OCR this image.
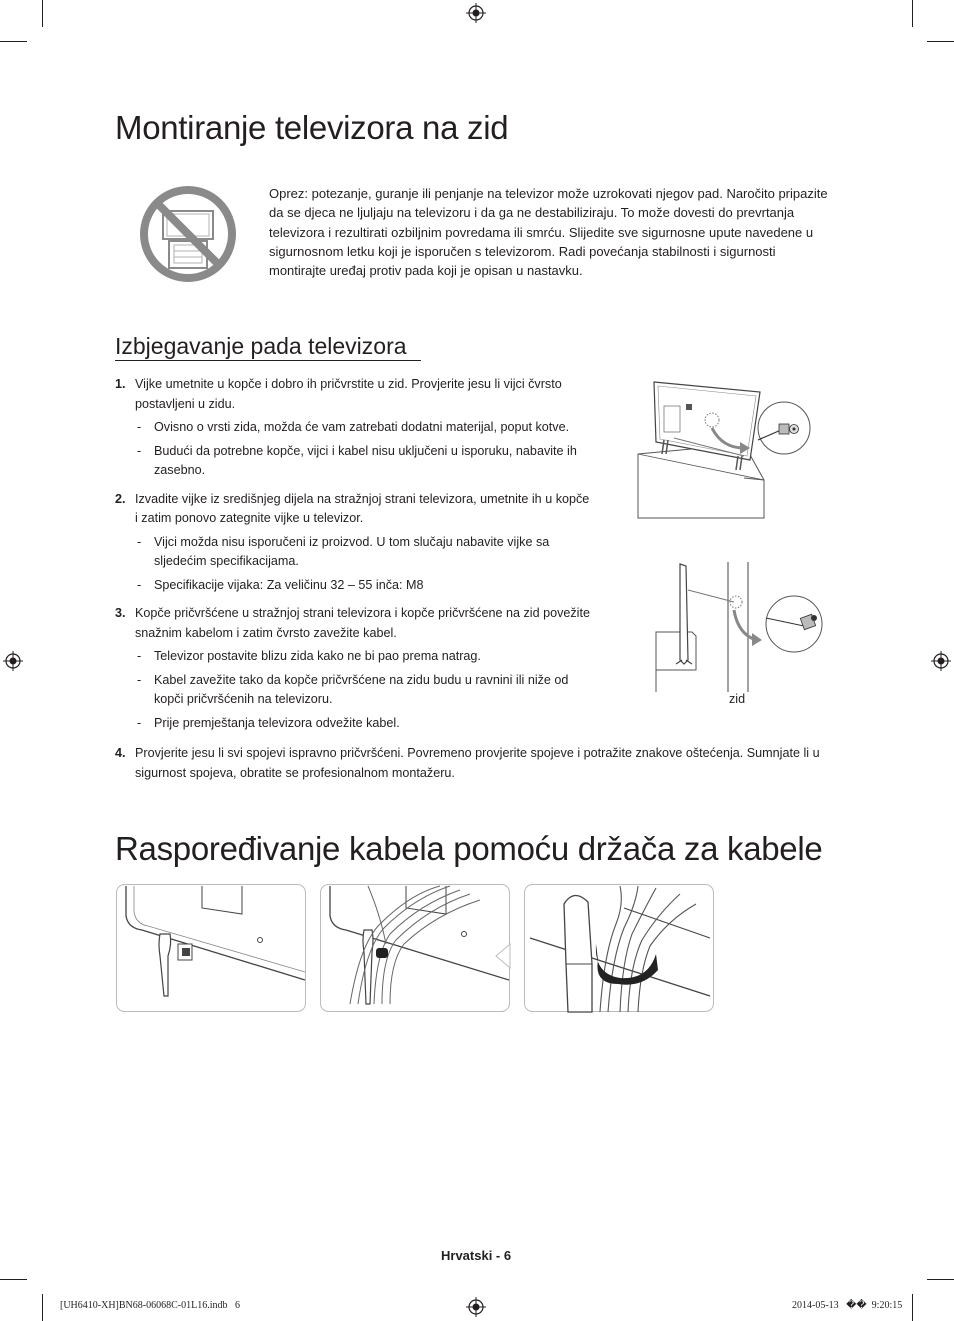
Montiranje televizora na zid
Oprez: potezanje, guranje ili penjanje na televizor može uzrokovati njegov pad. Naročito pripazite da se djeca ne ljuljaju na televizoru i da ga ne destabiliziraju. To može dovesti do prevrtanja televizora i rezultirati ozbiljnim povredama ili smrću. Slijedite sve sigurnosne upute navedene u sigurnosnom letku koji je isporučen s televizorom. Radi povećanja stabilnosti i sigurnosti montirajte uređaj protiv pada koji je opisan u nastavku.
Izbjegavanje pada televizora
1. Vijke umetnite u kopče i dobro ih pričvrstite u zid. Provjerite jesu li vijci čvrsto postavljeni u zidu.
- Ovisno o vrsti zida, možda će vam zatrebati dodatni materijal, poput kotve.
- Budući da potrebne kopče, vijci i kabel nisu uključeni u isporuku, nabavite ih zasebno.
2. Izvadite vijke iz središnjeg dijela na stražnjoj strani televizora, umetnite ih u kopče i zatim ponovo zategnite vijke u televizor.
- Vijci možda nisu isporučeni iz proizvod. U tom slučaju nabavite vijke sa sljedećim specifikacijama.
- Specifikacije vijaka: Za veličinu 32 – 55 inča: M8
3. Kopče pričvršćene u stražnjoj strani televizora i kopče pričvršćene na zid povežite snažnim kabelom i zatim čvrsto zavežite kabel.
- Televizor postavite blizu zida kako ne bi pao prema natrag.
- Kabel zavežite tako da kopče pričvršćene na zidu budu u ravnini ili niže od kopči pričvršćenih na televizoru.
- Prije premještanja televizora odvežite kabel.
4. Provjerite jesu li svi spojevi ispravno pričvršćeni. Povremeno provjerite spojeve i potražite znakove oštećenja. Sumnjate li u sigurnost spojeva, obratite se profesionalnom montažeru.
zid
Raspoređivanje kabela pomoću držača za kabele
Hrvatski - 6
[UH6410-XH]BN68-06068C-01L16.indb   6	2014-05-13   ��  9:20:15
